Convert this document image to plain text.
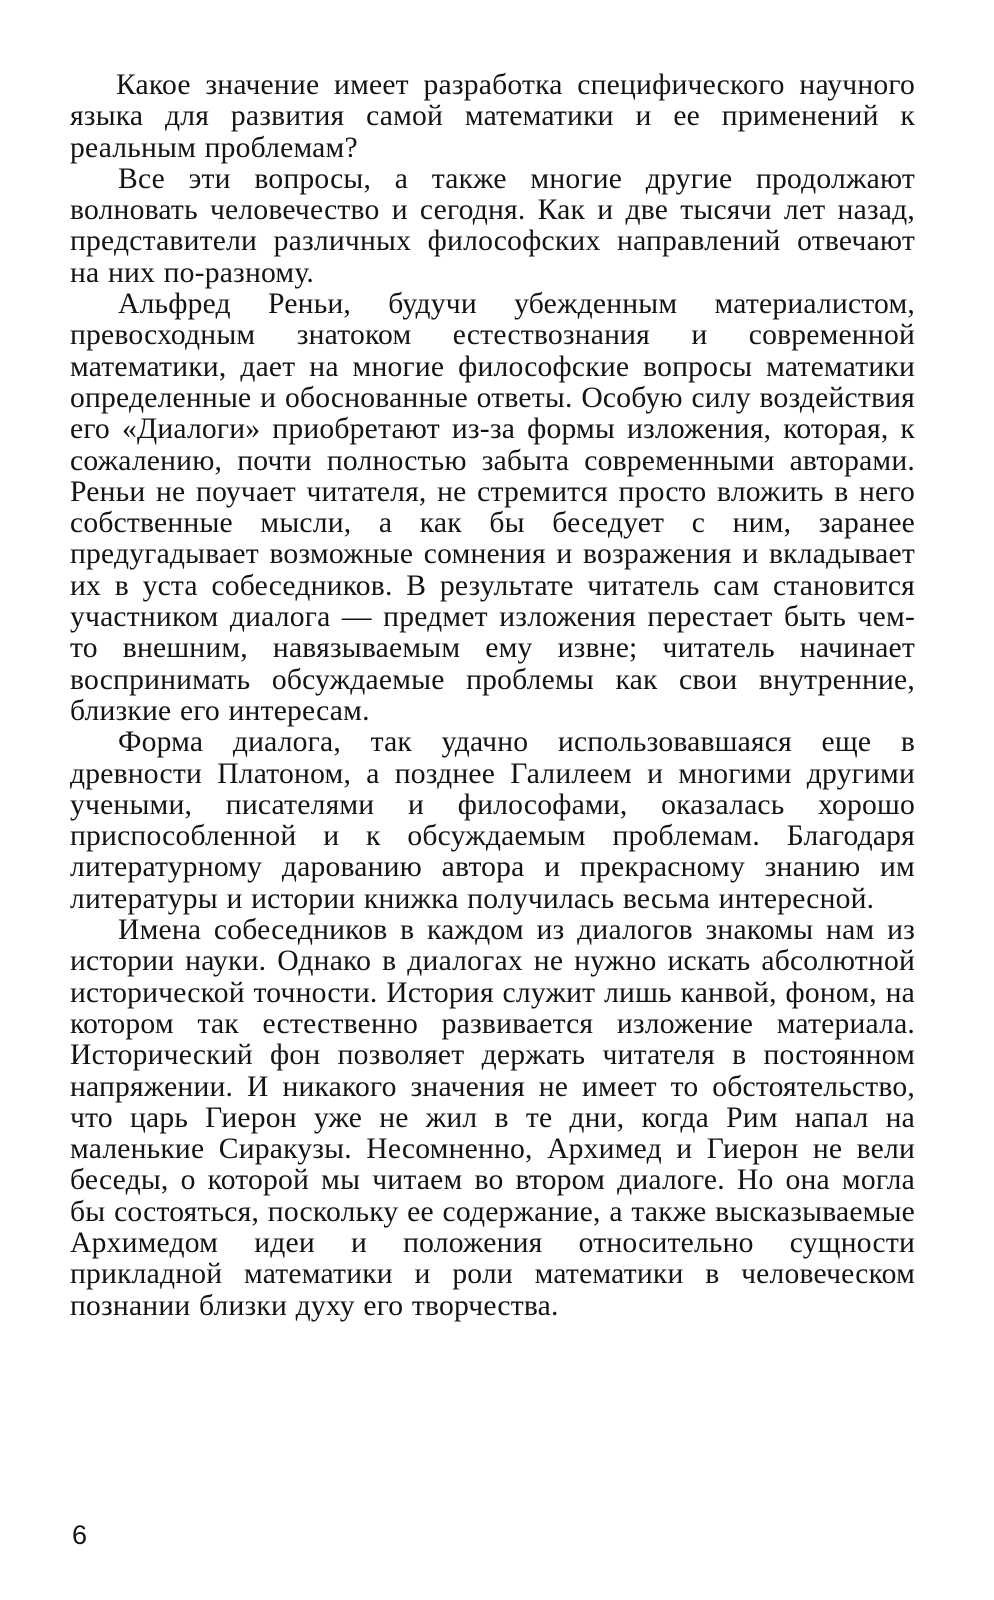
Какое значение имеет разработка специфического научного языка для развития самой математики и ее применений к реальным проблемам?

Все эти вопросы, а также многие другие продолжают волновать человечество и сегодня. Как и две тысячи лет назад, представители различных философских направлений отвечают на них по-разному.

Альфред Реньи, будучи убежденным материалистом, превосходным знатоком естествознания и современной математики, дает на многие философские вопросы математики определенные и обоснованные ответы. Особую силу воздействия его «Диалоги» приобретают из-за формы изложения, которая, к сожалению, почти полностью забыта современными авторами. Реньи не поучает читателя, не стремится просто вложить в него собственные мысли, а как бы беседует с ним, заранее предугадывает возможные сомнения и возражения и вкладывает их в уста собеседников. В результате читатель сам становится участником диалога — предмет изложения перестает быть чем-то внешним, навязываемым ему извне; читатель начинает воспринимать обсуждаемые проблемы как свои внутренние, близкие его интересам.

Форма диалога, так удачно использовавшаяся еще в древности Платоном, а позднее Галилеем и многими другими учеными, писателями и философами, оказалась хорошо приспособленной и к обсуждаемым проблемам. Благодаря литературному дарованию автора и прекрасному знанию им литературы и истории книжка получилась весьма интересной.

Имена собеседников в каждом из диалогов знакомы нам из истории науки. Однако в диалогах не нужно искать абсолютной исторической точности. История служит лишь канвой, фоном, на котором так естественно развивается изложение материала. Исторический фон позволяет держать читателя в постоянном напряжении. И никакого значения не имеет то обстоятельство, что царь Гиерон уже не жил в те дни, когда Рим напал на маленькие Сиракузы. Несомненно, Архимед и Гиерон не вели беседы, о которой мы читаем во втором диалоге. Но она могла бы состояться, поскольку ее содержание, а также высказываемые Архимедом идеи и положения относительно сущности прикладной математики и роли математики в человеческом познании близки духу его творчества.

6
